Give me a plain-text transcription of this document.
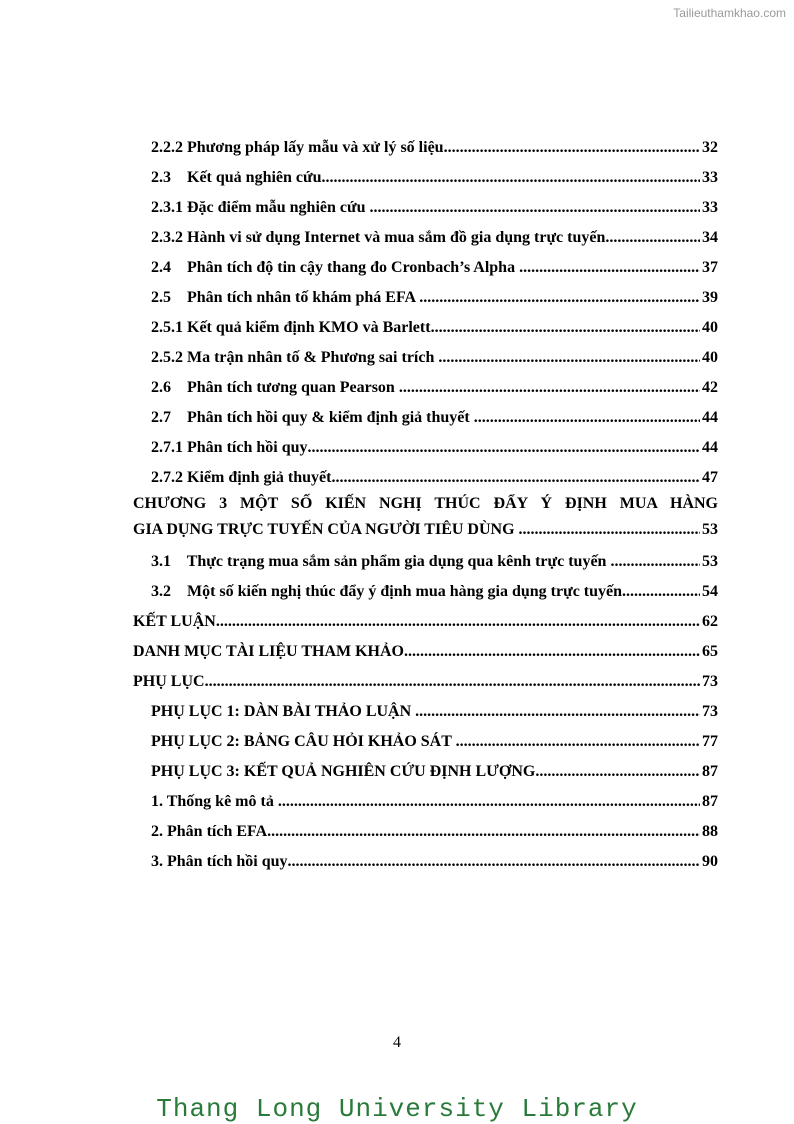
Tailieuthamkhao.com
2.2.2 Phương pháp lấy mẫu và xử lý số liệu .....	32
2.3    Kết quả nghiên cứu .....	33
2.3.1 Đặc điểm mẫu nghiên cứu .....	33
2.3.2 Hành vi sử dụng Internet và mua sắm đồ gia dụng trực tuyến .....	34
2.4    Phân tích độ tin cậy thang đo Cronbach’s Alpha .....	37
2.5    Phân tích nhân tố khám phá EFA .....	39
2.5.1 Kết quả kiểm định KMO và Barlett .....	40
2.5.2 Ma trận nhân tố & Phương sai trích .....	40
2.6    Phân tích tương quan Pearson .....	42
2.7    Phân tích hồi quy & kiểm định giả thuyết .....	44
2.7.1 Phân tích hồi quy .....	44
2.7.2 Kiểm định giả thuyết .....	47
CHƯƠNG 3 MỘT SỐ KIẾN NGHỊ THÚC ĐẨY Ý ĐỊNH MUA HÀNG
GIA DỤNG TRỰC TUYẾN CỦA NGƯỜI TIÊU DÙNG .....	53
3.1    Thực trạng mua sắm sản phẩm gia dụng qua kênh trực tuyến .....	53
3.2    Một số kiến nghị thúc đẩy ý định mua hàng gia dụng trực tuyến .....	54
KẾT LUẬN .....	62
DANH MỤC TÀI LIỆU THAM KHẢO .....	65
PHỤ LỤC .....	73
PHỤ LỤC 1: DÀN BÀI THẢO LUẬN .....	73
PHỤ LỤC 2: BẢNG CÂU HỎI KHẢO SÁT .....	77
PHỤ LỤC 3: KẾT QUẢ NGHIÊN CỨU ĐỊNH LƯỢNG .....	87
1. Thống kê mô tả .....	87
2. Phân tích EFA .....	88
3. Phân tích hồi quy .....	90
4
Thang Long University Library
